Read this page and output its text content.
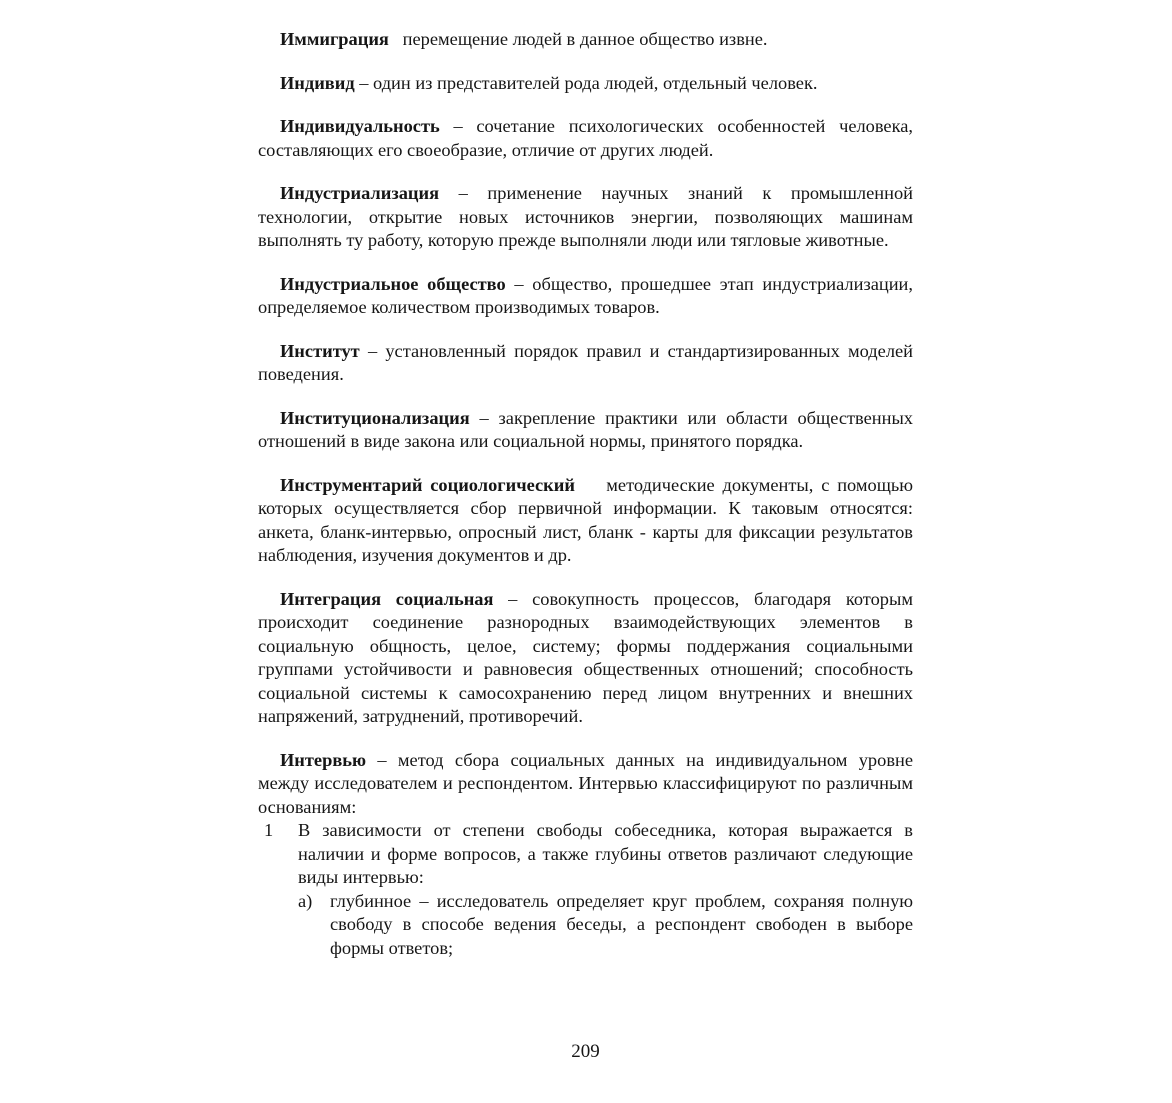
Иммиграция перемещение людей в данное общество извне.

Индивид – один из представителей рода людей, отдельный человек.

Индивидуальность – сочетание психологических особенностей человека, составляющих его своеобразие, отличие от других людей.

Индустриализация – применение научных знаний к промышленной технологии, открытие новых источников энергии, позволяющих машинам выполнять ту работу, которую прежде выполняли люди или тягловые животные.

Индустриальное общество – общество, прошедшее этап индустриализации, определяемое количеством производимых товаров.

Институт – установленный порядок правил и стандартизированных моделей поведения.

Институционализация – закрепление практики или области общественных отношений в виде закона или социальной нормы, принятого порядка.

Инструментарий социологический методические документы, с помощью которых осуществляется сбор первичной информации. К таковым относятся: анкета, бланк-интервью, опросный лист, бланк - карты для фиксации результатов наблюдения, изучения документов и др.

Интеграция социальная – совокупность процессов, благодаря которым происходит соединение разнородных взаимодействующих элементов в социальную общность, целое, систему; формы поддержания социальными группами устойчивости и равновесия общественных отношений; способность социальной системы к самосохранению перед лицом внутренних и внешних напряжений, затруднений, противоречий.

Интервью – метод сбора социальных данных на индивидуальном уровне между исследователем и респондентом. Интервью классифицируют по различным основаниям:

1 В зависимости от степени свободы собеседника, которая выражается в наличии и форме вопросов, а также глубины ответов различают следующие виды интервью:

а) глубинное – исследователь определяет круг проблем, сохраняя полную свободу в способе ведения беседы, а респондент свободен в выборе формы ответов;

209
